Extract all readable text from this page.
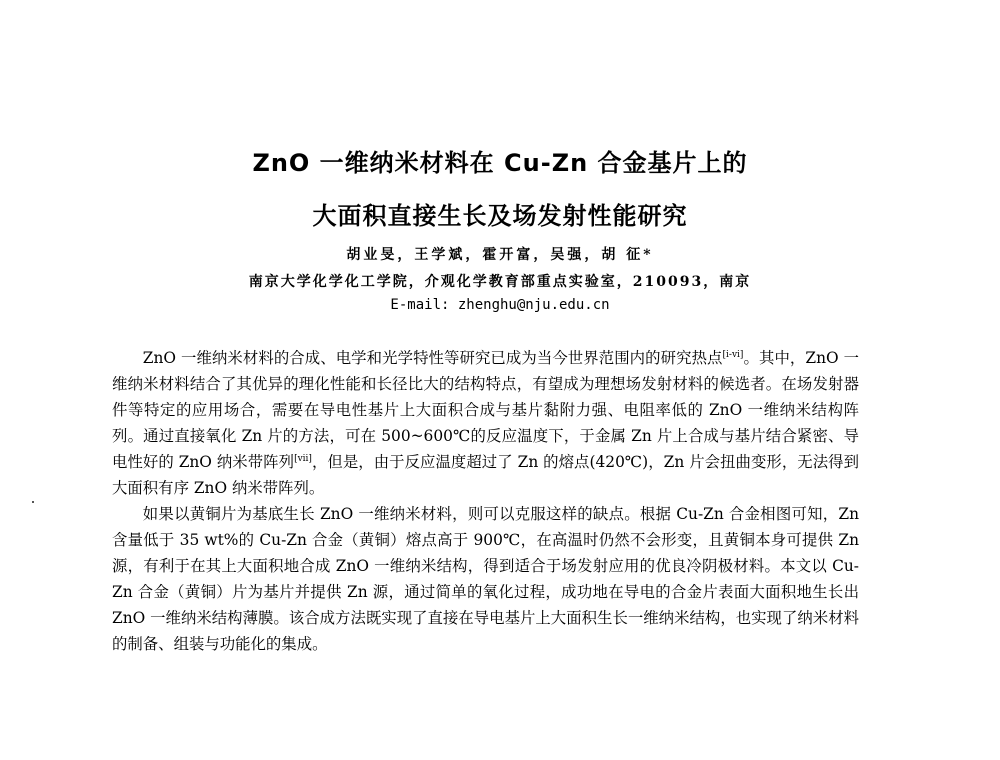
ZnO 一维纳米材料在 Cu-Zn 合金基片上的
大面积直接生长及场发射性能研究
胡业旻，王学斌，霍开富，吴强，胡 征*
南京大学化学化工学院，介观化学教育部重点实验室，210093，南京
E-mail: zhenghu@nju.edu.cn

ZnO 一维纳米材料的合成、电学和光学特性等研究已成为当今世界范围内的研究热点[i-vi]。其中，ZnO 一维纳米材料结合了其优异的理化性能和长径比大的结构特点，有望成为理想场发射材料的候选者。在场发射器件等特定的应用场合，需要在导电性基片上大面积合成与基片黏附力强、电阻率低的 ZnO 一维纳米结构阵列。通过直接氧化 Zn 片的方法，可在 500~600℃的反应温度下，于金属 Zn 片上合成与基片结合紧密、导电性好的 ZnO 纳米带阵列[vii]，但是，由于反应温度超过了 Zn 的熔点(420℃)，Zn 片会扭曲变形，无法得到大面积有序 ZnO 纳米带阵列。

如果以黄铜片为基底生长 ZnO 一维纳米材料，则可以克服这样的缺点。根据 Cu-Zn 合金相图可知，Zn 含量低于 35 wt%的 Cu-Zn 合金（黄铜）熔点高于 900℃，在高温时仍然不会形变，且黄铜本身可提供 Zn 源，有利于在其上大面积地合成 ZnO 一维纳米结构，得到适合于场发射应用的优良冷阴极材料。本文以 Cu-Zn 合金（黄铜）片为基片并提供 Zn 源，通过简单的氧化过程，成功地在导电的合金片表面大面积地生长出 ZnO 一维纳米结构薄膜。该合成方法既实现了直接在导电基片上大面积生长一维纳米结构，也实现了纳米材料的制备、组装与功能化的集成。
